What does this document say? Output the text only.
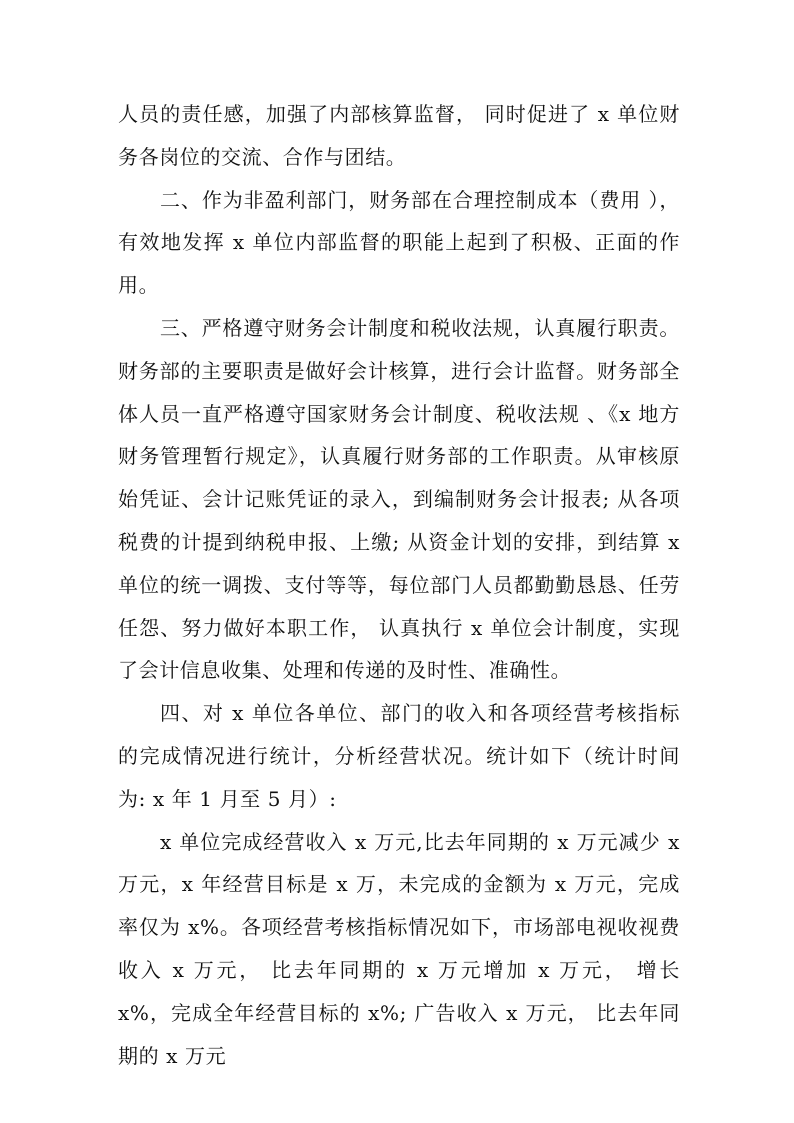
人员的责任感，加强了内部核算监督， 同时促进了 x 单位财务各岗位的交流、合作与团结。

二、作为非盈利部门，财务部在合理控制成本（费用 ），有效地发挥 x 单位内部监督的职能上起到了积极、正面的作用。

三、严格遵守财务会计制度和税收法规，认真履行职责。财务部的主要职责是做好会计核算，进行会计监督。财务部全体人员一直严格遵守国家财务会计制度、税收法规 、《x 地方财务管理暂行规定》，认真履行财务部的工作职责。从审核原始凭证、会计记账凭证的录入，到编制财务会计报表; 从各项税费的计提到纳税申报、上缴; 从资金计划的安排，到结算 x 单位的统一调拨、支付等等，每位部门人员都勤勤恳恳、任劳任怨、努力做好本职工作， 认真执行 x 单位会计制度，实现了会计信息收集、处理和传递的及时性、准确性。

四、对 x 单位各单位、部门的收入和各项经营考核指标的完成情况进行统计，分析经营状况。统计如下（统计时间为: x 年 1 月至 5 月）:

x 单位完成经营收入 x 万元,比去年同期的 x 万元减少 x 万元，x 年经营目标是 x 万，未完成的金额为 x 万元，完成率仅为 x%。各项经营考核指标情况如下，市场部电视收视费收入 x 万元， 比去年同期的 x 万元增加 x 万元， 增长 x%，完成全年经营目标的 x%; 广告收入 x 万元， 比去年同期的 x 万元
